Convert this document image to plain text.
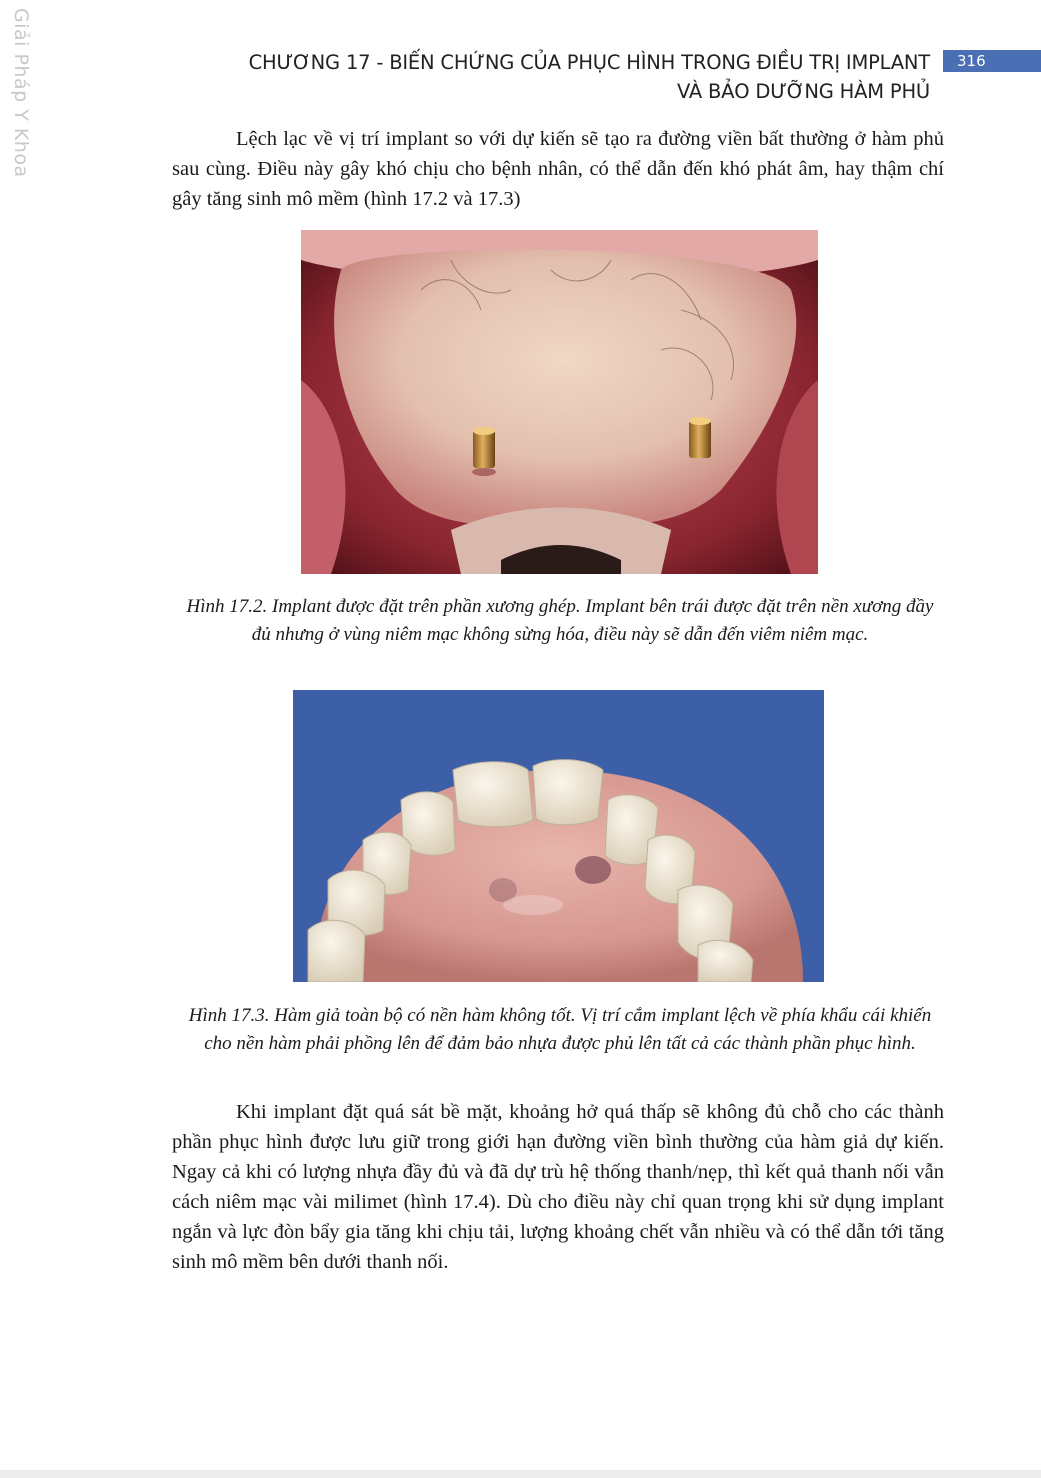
Giải Pháp Y Khoa	CHƯƠNG 17 - BIẾN CHỨNG CỦA PHỤC HÌNH TRONG ĐIỀU TRỊ IMPLANT
VÀ BẢO DƯỠNG HÀM PHỦ
316

Lệch lạc về vị trí implant so với dự kiến sẽ tạo ra đường viền bất thường ở hàm phủ sau cùng. Điều này gây khó chịu cho bệnh nhân, có thể dẫn đến khó phát âm, hay thậm chí gây tăng sinh mô mềm (hình 17.2 và 17.3)

Hình 17.2. Implant được đặt trên phần xương ghép. Implant bên trái được đặt trên nền xương đầy đủ nhưng ở vùng niêm mạc không sừng hóa, điều này sẽ dẫn đến viêm niêm mạc.

Hình 17.3. Hàm giả toàn bộ có nền hàm không tốt. Vị trí cắm implant lệch về phía khẩu cái khiến cho nền hàm phải phồng lên để đảm bảo nhựa được phủ lên tất cả các thành phần phục hình.

Khi implant đặt quá sát bề mặt, khoảng hở quá thấp sẽ không đủ chỗ cho các thành phần phục hình được lưu giữ trong giới hạn đường viền bình thường của hàm giả dự kiến. Ngay cả khi có lượng nhựa đầy đủ và đã dự trù hệ thống thanh/nẹp, thì kết quả thanh nối vẫn cách niêm mạc vài milimet (hình 17.4). Dù cho điều này chỉ quan trọng khi sử dụng implant ngắn và lực đòn bẩy gia tăng khi chịu tải, lượng khoảng chết vẫn nhiều và có thể dẫn tới tăng sinh mô mềm bên dưới thanh nối.
